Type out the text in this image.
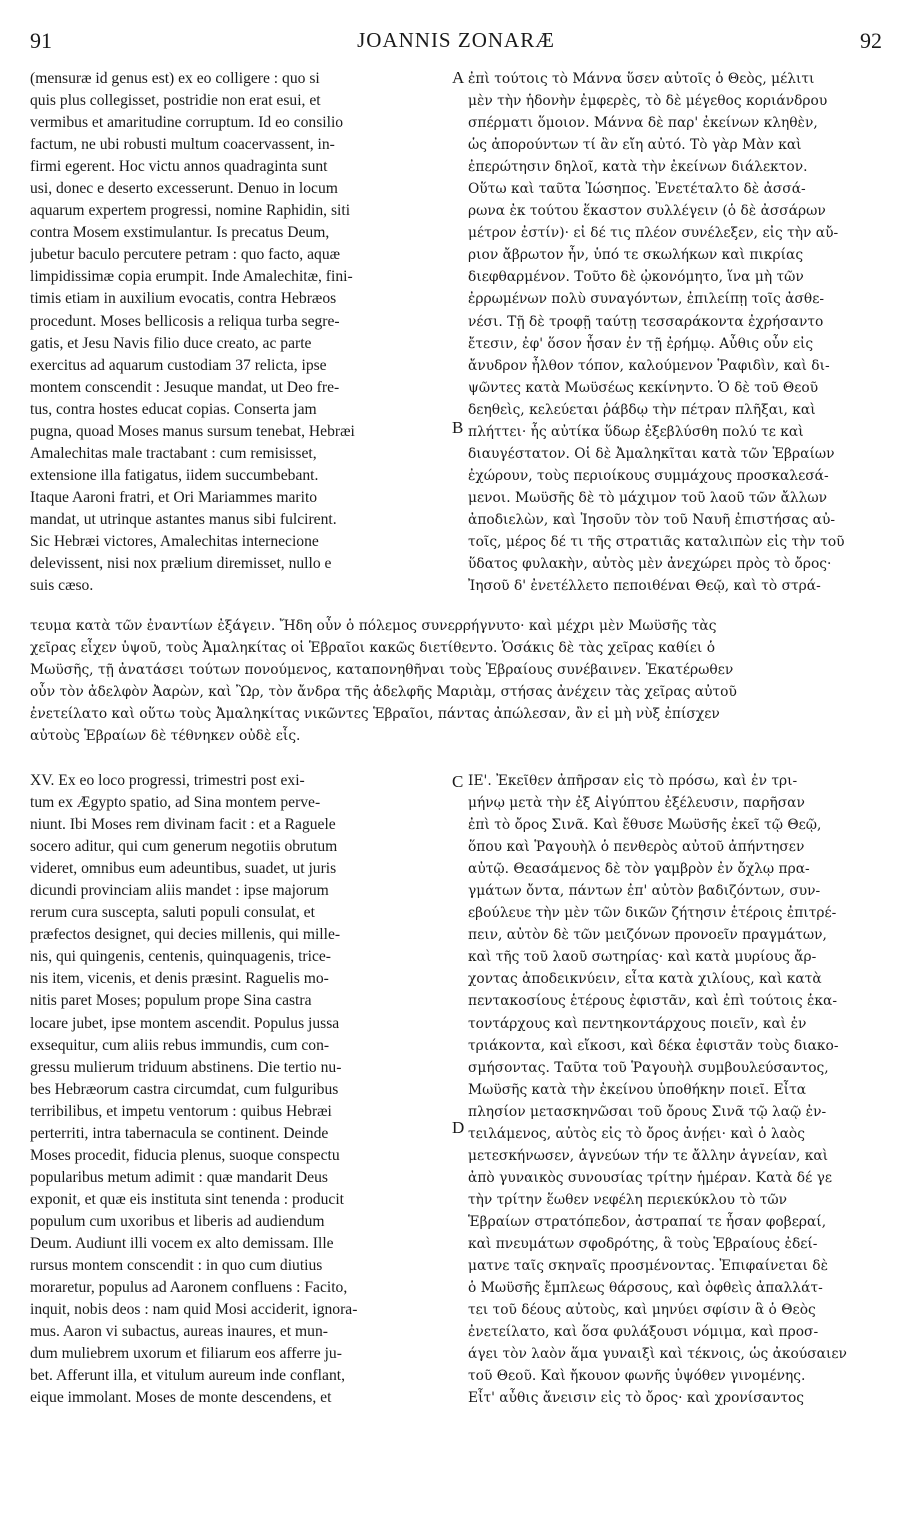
91	JOANNIS ZONARÆ	92
A
B
C
D
(mensuræ id genus est) ex eo colligere : quo si
quis plus collegisset, postridie non erat esui, et
vermibus et amaritudine corruptum. Id eo consilio
factum, ne ubi robusti multum coacervassent, in-
firmi egerent. Hoc victu annos quadraginta sunt
usi, donec e deserto excesserunt. Denuo in locum
aquarum expertem progressi, nomine Raphidin, siti
contra Mosem exstimulantur. Is precatus Deum,
jubetur baculo percutere petram : quo facto, aquæ
limpidissimæ copia erumpit. Inde Amalechitæ, fini-
timis etiam in auxilium evocatis, contra Hebræos
procedunt. Moses bellicosis a reliqua turba segre-
gatis, et Jesu Navis filio duce creato, ac parte
exercitus ad aquarum custodiam 37 relicta, ipse
montem conscendit : Jesuque mandat, ut Deo fre-
tus, contra hostes educat copias. Conserta jam
pugna, quoad Moses manus sursum tenebat, Hebræi
Amalechitas male tractabant : cum remisisset,
extensione illa fatigatus, iidem succumbebant.
Itaque Aaroni fratri, et Ori Mariammes marito
mandat, ut utrinque astantes manus sibi fulcirent.
Sic Hebræi victores, Amalechitas internecione
delevissent, nisi nox prælium diremisset, nullo e
suis cæso.
ἐπὶ τούτοις τὸ Μάννα ὕσεν αὐτοῖς ὁ Θεὸς, μέλιτι
μὲν τὴν ἡδονὴν ἐμφερὲς, τὸ δὲ μέγεθος κοριάνδρου
σπέρματι ὅμοιον. Μάννα δὲ παρ' ἐκείνων κληθὲν,
ὡς ἀπορούντων τί ἂν εἴη αὐτό. Τὸ γὰρ Μὰν καὶ
ἐπερώτησιν δηλοῖ, κατὰ τὴν ἐκείνων διάλεκτον.
Οὕτω καὶ ταῦτα Ἰώσηπος. Ἐνετέταλτο δὲ ἀσσά-
ρωνα ἐκ τούτου ἕκαστον συλλέγειν (ὁ δὲ ἀσσάρων
μέτρον ἐστίν)· εἰ δέ τις πλέον συνέλεξεν, εἰς τὴν αὔ-
ριον ἄβρωτον ἦν, ὑπό τε σκωλήκων καὶ πικρίας
διεφθαρμένον. Τοῦτο δὲ ᾠκονόμητο, ἵνα μὴ τῶν
ἐρρωμένων πολὺ συναγόντων, ἐπιλείπῃ τοῖς ἀσθε-
νέσι. Τῇ δὲ τροφῇ ταύτῃ τεσσαράκοντα ἐχρήσαντο
ἔτεσιν, ἐφ' ὅσον ἦσαν ἐν τῇ ἐρήμῳ. Αὖθις οὖν εἰς
ἄνυδρον ἦλθον τόπον, καλούμενον Ῥαφιδὶν, καὶ δι-
ψῶντες κατὰ Μωϋσέως κεκίνηντο. Ὁ δὲ τοῦ Θεοῦ
δεηθεὶς, κελεύεται ῥάβδῳ τὴν πέτραν πλῆξαι, καὶ
πλήττει· ἧς αὐτίκα ὕδωρ ἐξεβλύσθη πολύ τε καὶ
διαυγέστατον. Οἱ δὲ Ἀμαληκῖται κατὰ τῶν Ἑβραίων
ἐχώρουν, τοὺς περιοίκους συμμάχους προσκαλεσά-
μενοι. Μωϋσῆς δὲ τὸ μάχιμον τοῦ λαοῦ τῶν ἄλλων
ἀποδιελὼν, καὶ Ἰησοῦν τὸν τοῦ Ναυῆ ἐπιστήσας αὐ-
τοῖς, μέρος δέ τι τῆς στρατιᾶς καταλιπὼν εἰς τὴν τοῦ
ὕδατος φυλακὴν, αὐτὸς μὲν ἀνεχώρει πρὸς τὸ ὄρος·
Ἰησοῦ δ' ἐνετέλλετο πεποιθέναι Θεῷ, καὶ τὸ στρά-
τευμα κατὰ τῶν ἐναντίων ἐξάγειν. Ἤδη οὖν ὁ πόλεμος συνερρήγνυτο· καὶ μέχρι μὲν Μωϋσῆς τὰς
χεῖρας εἶχεν ὑψοῦ, τοὺς Ἀμαληκίτας οἱ Ἑβραῖοι κακῶς διετίθεντο. Ὁσάκις δὲ τὰς χεῖρας καθίει ὁ
Μωϋσῆς, τῇ ἀνατάσει τούτων πονούμενος, καταπονηθῆναι τοὺς Ἑβραίους συνέβαινεν. Ἑκατέρωθεν
οὖν τὸν ἀδελφὸν Ἀαρὼν, καὶ Ὢρ, τὸν ἄνδρα τῆς ἀδελφῆς Μαριὰμ, στήσας ἀνέχειν τὰς χεῖρας αὐτοῦ
ἐνετείλατο καὶ οὕτω τοὺς Ἀμαληκίτας νικῶντες Ἑβραῖοι, πάντας ἀπώλεσαν, ἂν εἰ μὴ νὺξ ἐπίσχεν
αὐτοὺς Ἑβραίων δὲ τέθνηκεν οὐδὲ εἷς.
XV. Ex eo loco progressi, trimestri post exi-
tum ex Ægypto spatio, ad Sina montem perve-
niunt. Ibi Moses rem divinam facit : et a Raguele
socero aditur, qui cum generum negotiis obrutum
videret, omnibus eum adeuntibus, suadet, ut juris
dicundi provinciam aliis mandet : ipse majorum
rerum cura suscepta, saluti populi consulat, et
præfectos designet, qui decies millenis, qui mille-
nis, qui quingenis, centenis, quinquagenis, trice-
nis item, vicenis, et denis præsint. Raguelis mo-
nitis paret Moses; populum prope Sina castra
locare jubet, ipse montem ascendit. Populus jussa
exsequitur, cum aliis rebus immundis, cum con-
gressu mulierum triduum abstinens. Die tertio nu-
bes Hebræorum castra circumdat, cum fulguribus
terribilibus, et impetu ventorum : quibus Hebræi
perterriti, intra tabernacula se continent. Deinde
Moses procedit, fiducia plenus, suoque conspectu
popularibus metum adimit : quæ mandarit Deus
exponit, et quæ eis instituta sint tenenda : producit
populum cum uxoribus et liberis ad audiendum
Deum. Audiunt illi vocem ex alto demissam. Ille
rursus montem conscendit : in quo cum diutius
moraretur, populus ad Aaronem confluens : Facito,
inquit, nobis deos : nam quid Mosi acciderit, ignora-
mus. Aaron vi subactus, aureas inaures, et mun-
dum muliebrem uxorum et filiarum eos afferre ju-
bet. Afferunt illa, et vitulum aureum inde conflant,
eique immolant. Moses de monte descendens, et
ΙΕ'. Ἐκεῖθεν ἀπῆρσαν εἰς τὸ πρόσω, καὶ ἐν τρι-
μήνῳ μετὰ τὴν ἐξ Αἰγύπτου ἐξέλευσιν, παρῆσαν
ἐπὶ τὸ ὄρος Σινᾶ. Καὶ ἔθυσε Μωϋσῆς ἐκεῖ τῷ Θεῷ,
ὅπου καὶ Ῥαγουὴλ ὁ πενθερὸς αὐτοῦ ἀπήντησεν
αὐτῷ. Θεασάμενος δὲ τὸν γαμβρὸν ἐν ὄχλῳ πρα-
γμάτων ὄντα, πάντων ἐπ' αὐτὸν βαδιζόντων, συν-
εβούλευε τὴν μὲν τῶν δικῶν ζήτησιν ἑτέροις ἐπιτρέ-
πειν, αὐτὸν δὲ τῶν μειζόνων προνοεῖν πραγμάτων,
καὶ τῆς τοῦ λαοῦ σωτηρίας· καὶ κατὰ μυρίους ἄρ-
χοντας ἀποδεικνύειν, εἶτα κατὰ χιλίους, καὶ κατὰ
πεντακοσίους ἑτέρους ἐφιστᾶν, καὶ ἐπὶ τούτοις ἑκα-
τοντάρχους καὶ πεντηκοντάρχους ποιεῖν, καὶ ἐν
τριάκοντα, καὶ εἴκοσι, καὶ δέκα ἐφιστᾶν τοὺς διακο-
σμήσοντας. Ταῦτα τοῦ Ῥαγουὴλ συμβουλεύσαντος,
Μωϋσῆς κατὰ τὴν ἐκείνου ὑποθήκην ποιεῖ. Εἶτα
πλησίον μετασκηνῶσαι τοῦ ὄρους Σινᾶ τῷ λαῷ ἐν-
τειλάμενος, αὐτὸς εἰς τὸ ὄρος ἀνῄει· καὶ ὁ λαὸς
μετεσκήνωσεν, ἁγνεύων τήν τε ἄλλην ἁγνείαν, καὶ
ἀπὸ γυναικὸς συνουσίας τρίτην ἡμέραν. Κατὰ δέ γε
τὴν τρίτην ἕωθεν νεφέλη περιεκύκλου τὸ τῶν
Ἑβραίων στρατόπεδον, ἀστραπαί τε ἦσαν φοβεραί,
καὶ πνευμάτων σφοδρότης, ἃ τοὺς Ἑβραίους ἐδεί-
ματνε ταῖς σκηναῖς προσμένοντας. Ἐπιφαίνεται δὲ
ὁ Μωϋσῆς ἔμπλεως θάρσους, καὶ ὀφθεὶς ἀπαλλάτ-
τει τοῦ δέους αὐτοὺς, καὶ μηνύει σφίσιν ἃ ὁ Θεὸς
ἐνετείλατο, καὶ ὅσα φυλάξουσι νόμιμα, καὶ προσ-
άγει τὸν λαὸν ἅμα γυναιξὶ καὶ τέκνοις, ὡς ἀκούσαιεν
τοῦ Θεοῦ. Καὶ ἤκουον φωνῆς ὑψόθεν γινομένης.
Εἶτ' αὖθις ἄνεισιν εἰς τὸ ὄρος· καὶ χρονίσαντος
